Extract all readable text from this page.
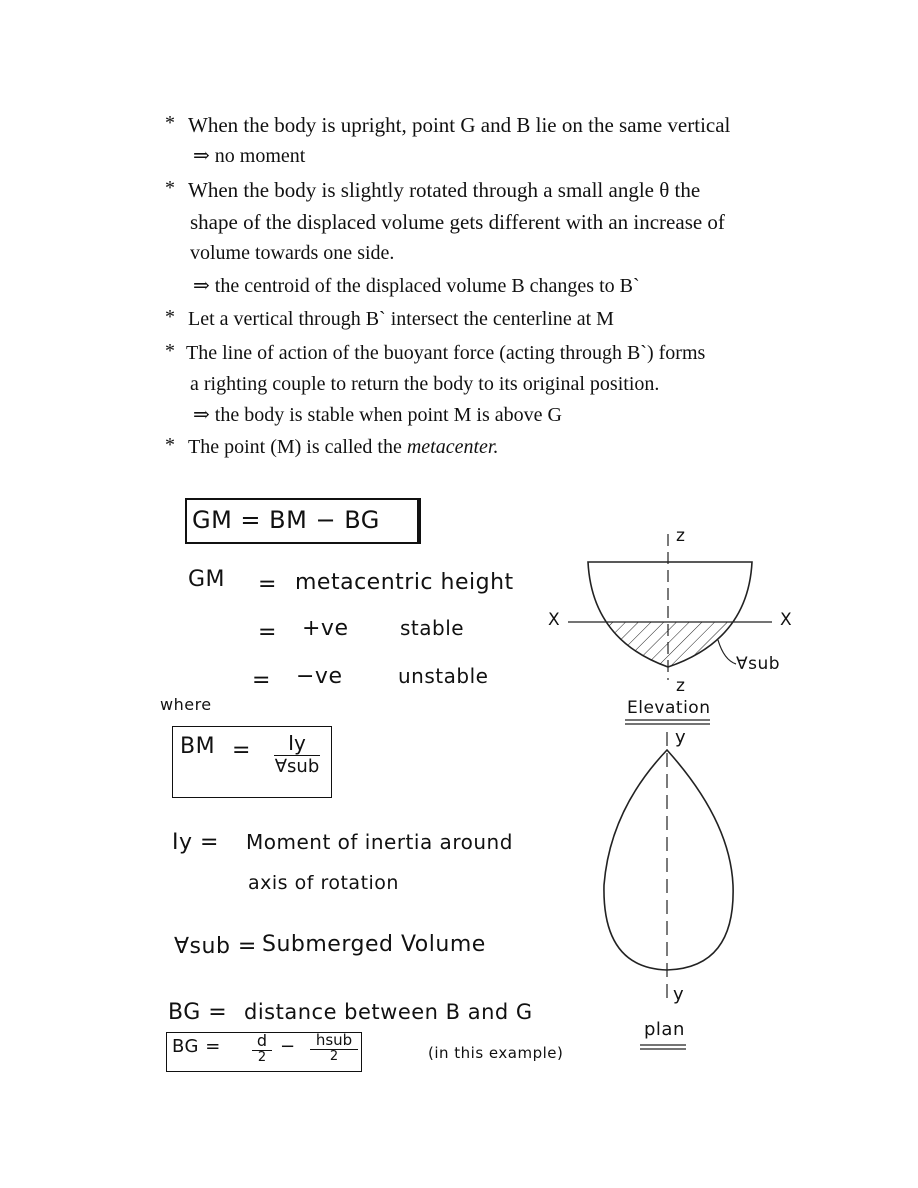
* When the body is upright, point G and B lie on the same vertical
⇒ no moment
* When the body is slightly rotated through a small angle θ the
shape of the displaced volume gets different with an increase of
volume towards one side.
⇒ the centroid of the displaced volume B changes to B`
* Let a vertical through B` intersect the centerline at M
* The line of action of the buoyant force (acting through B`) forms
a righting couple to return the body to its original position.
⇒ the body is stable when point M is above G
* The point (M) is called the metacenter.
GM = BM − BG
GM = metacentric height
= +ve	stable
= −ve	unstable
where
BM =	Iy
∀sub
Iy = Moment of inertia around
axis of rotation
∀sub = Submerged Volume
BG = distance between B and G
BG =	d
2
−	hsub
2	(in this example)
z
z
X	X
∀sub
Elevation
y
y
plan
